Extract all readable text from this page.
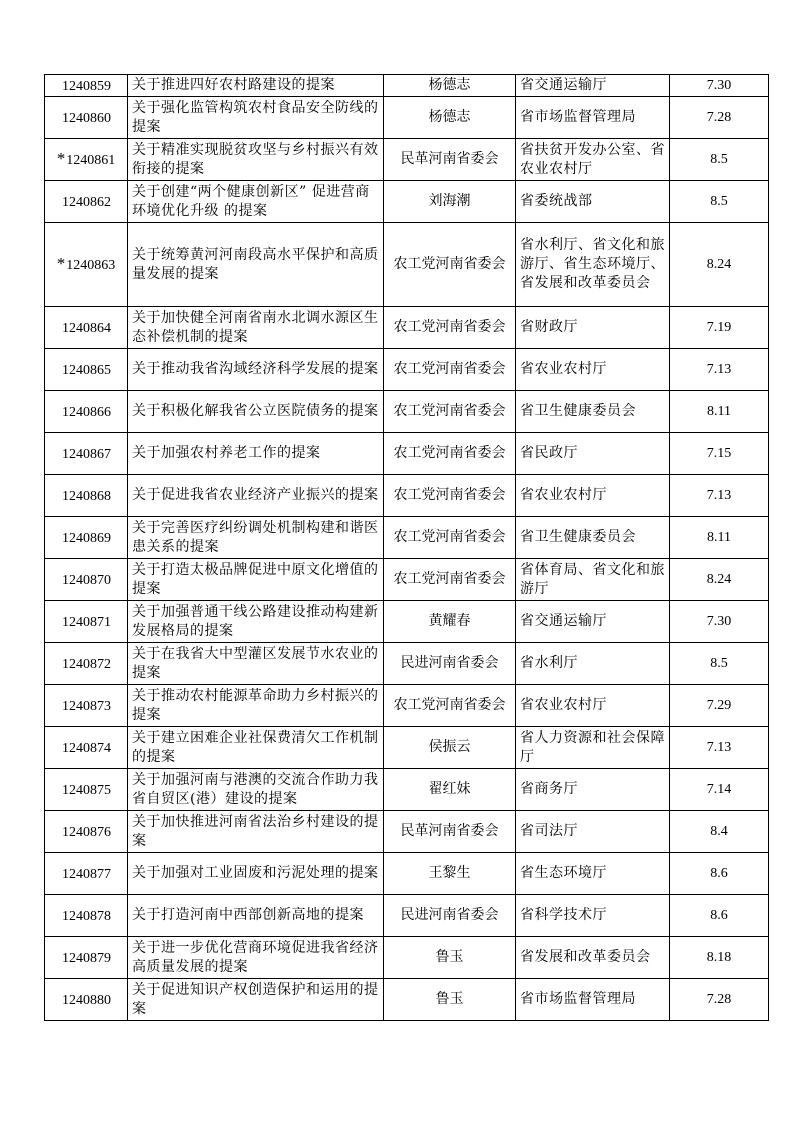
1240859	关于推进四好农村路建设的提案	杨德志	省交通运输厅	7.30
1240860	关于强化监管构筑农村食品安全防线的提案	杨德志	省市场监督管理局	7.28
*1240861	关于精准实现脱贫攻坚与乡村振兴有效衔接的提案	民革河南省委会	省扶贫开发办公室、省农业农村厅	8.5
1240862	关于创建“两个健康创新区” 促进营商环境优化升级 的提案	刘海潮	省委统战部	8.5
*1240863	关于统筹黄河河南段高水平保护和高质量发展的提案	农工党河南省委会	省水利厅、省文化和旅游厅、省生态环境厅、省发展和改革委员会	8.24
1240864	关于加快健全河南省南水北调水源区生态补偿机制的提案	农工党河南省委会	省财政厅	7.19
1240865	关于推动我省沟域经济科学发展的提案	农工党河南省委会	省农业农村厅	7.13
1240866	关于积极化解我省公立医院债务的提案	农工党河南省委会	省卫生健康委员会	8.11
1240867	关于加强农村养老工作的提案	农工党河南省委会	省民政厅	7.15
1240868	关于促进我省农业经济产业振兴的提案	农工党河南省委会	省农业农村厅	7.13
1240869	关于完善医疗纠纷调处机制构建和谐医患关系的提案	农工党河南省委会	省卫生健康委员会	8.11
1240870	关于打造太极品牌促进中原文化增值的提案	农工党河南省委会	省体育局、省文化和旅游厅	8.24
1240871	关于加强普通干线公路建设推动构建新发展格局的提案	黄耀春	省交通运输厅	7.30
1240872	关于在我省大中型灌区发展节水农业的提案	民进河南省委会	省水利厅	8.5
1240873	关于推动农村能源革命助力乡村振兴的提案	农工党河南省委会	省农业农村厅	7.29
1240874	关于建立困难企业社保费清欠工作机制的提案	侯振云	省人力资源和社会保障厅	7.13
1240875	关于加强河南与港澳的交流合作助力我省自贸区(港）建设的提案	翟红妹	省商务厅	7.14
1240876	关于加快推进河南省法治乡村建设的提案	民革河南省委会	省司法厅	8.4
1240877	关于加强对工业固废和污泥处理的提案	王黎生	省生态环境厅	8.6
1240878	关于打造河南中西部创新高地的提案	民进河南省委会	省科学技术厅	8.6
1240879	关于进一步优化营商环境促进我省经济高质量发展的提案	鲁玉	省发展和改革委员会	8.18
1240880	关于促进知识产权创造保护和运用的提案	鲁玉	省市场监督管理局	7.28
